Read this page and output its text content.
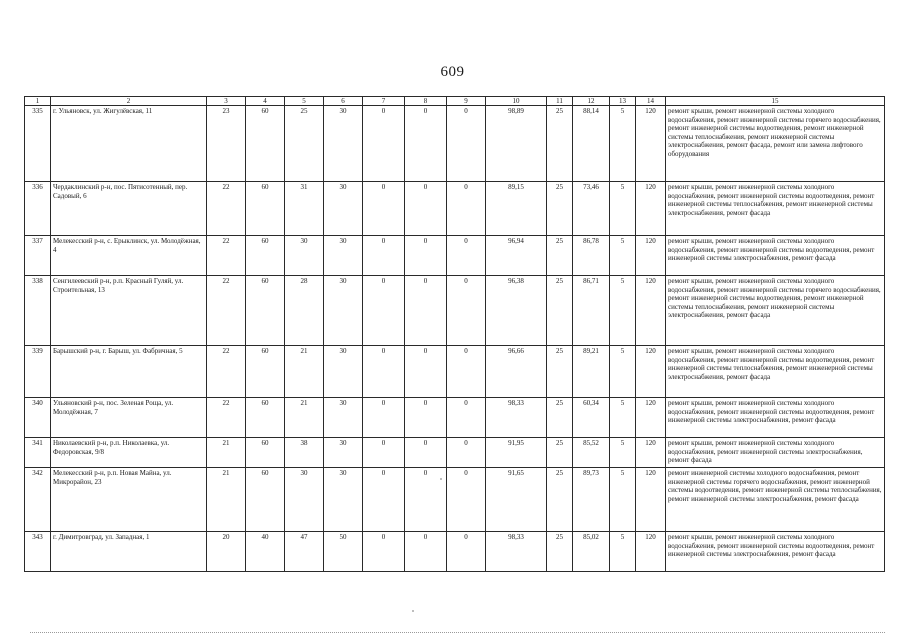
609
1	2	3	4	5	6	7	8	9	10	11	12	13	14	15
335	г. Ульяновск, ул. Жигулёвская, 11	23	60	25	30	0	0	0	98,89	25	88,14	5	120	ремонт крыши, ремонт инженерной системы холодного водоснабжения, ремонт инженерной системы горячего водоснабжения, ремонт инженерной системы водоотведения, ремонт инженерной системы теплоснабжения, ремонт инженерной системы электроснабжения, ремонт фасада, ремонт или замена лифтового оборудования
336	Чердаклинский р-н, пос. Пятисотенный, пер. Садовый, 6	22	60	31	30	0	0	0	89,15	25	73,46	5	120	ремонт крыши, ремонт инженерной системы холодного водоснабжения, ремонт инженерной системы водоотведения, ремонт инженерной системы теплоснабжения, ремонт инженерной системы электроснабжения, ремонт фасада
337	Мелекесский р-н, с. Ерыклинск, ул. Молодёжная, 4	22	60	30	30	0	0	0	96,94	25	86,78	5	120	ремонт крыши, ремонт инженерной системы холодного водоснабжения, ремонт инженерной системы водоотведения, ремонт инженерной системы электроснабжения, ремонт фасада
338	Сенгилеевский р-н, р.п. Красный Гуляй, ул. Строительная, 13	22	60	28	30	0	0	0	96,38	25	86,71	5	120	ремонт крыши, ремонт инженерной системы холодного водоснабжения, ремонт инженерной системы горячего водоснабжения, ремонт инженерной системы водоотведения, ремонт инженерной системы теплоснабжения, ремонт инженерной системы электроснабжения, ремонт фасада
339	Барышский р-н, г. Барыш, ул. Фабричная, 5	22	60	21	30	0	0	0	96,66	25	89,21	5	120	ремонт крыши, ремонт инженерной системы холодного водоснабжения, ремонт инженерной системы водоотведения, ремонт инженерной системы теплоснабжения, ремонт инженерной системы электроснабжения, ремонт фасада
340	Ульяновский р-н, пос. Зеленая Роща, ул. Молодёжная, 7	22	60	21	30	0	0	0	98,33	25	60,34	5	120	ремонт крыши, ремонт инженерной системы холодного водоснабжения, ремонт инженерной системы водоотведения, ремонт инженерной системы электроснабжения, ремонт фасада
341	Николаевский р-н, р.п. Николаевка, ул. Федоровская, 9/8	21	60	38	30	0	0	0	91,95	25	85,52	5	120	ремонт крыши, ремонт инженерной системы холодного водоснабжения, ремонт инженерной системы электроснабжения, ремонт фасада
342	Мелекесский р-н, р.п. Новая Майна, ул. Микрорайон, 23	21	60	30	30	0	0	0	91,65	25	89,73	5	120	ремонт инженерной системы холодного водоснабжения, ремонт инженерной системы горячего водоснабжения, ремонт инженерной системы водоотведения, ремонт инженерной системы теплоснабжения, ремонт инженерной системы электроснабжения, ремонт фасада
343	г. Димитровград, ул. Западная, 1	20	40	47	50	0	0	0	98,33	25	85,02	5	120	ремонт крыши, ремонт инженерной системы холодного водоснабжения, ремонт инженерной системы водоотведения, ремонт инженерной системы электроснабжения, ремонт фасада
